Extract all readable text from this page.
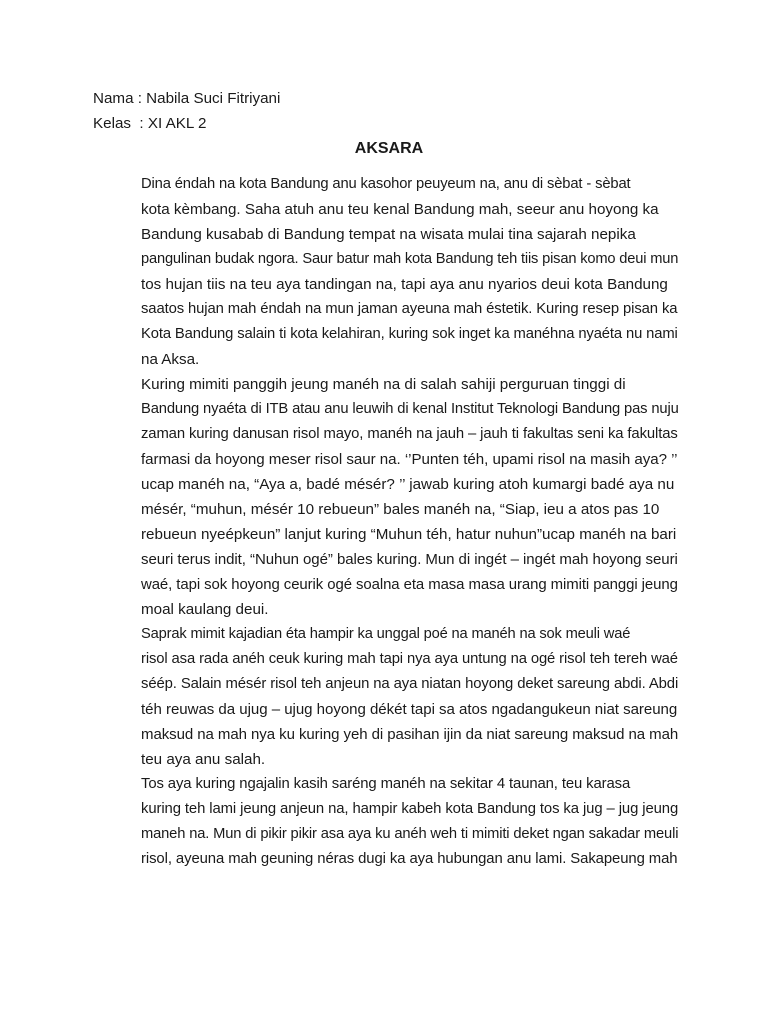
Nama : Nabila Suci Fitriyani

Kelas  : XI AKL 2

AKSARA

Dina éndah na kota Bandung anu kasohor peuyeum na, anu di sèbat - sèbat
kota kèmbang. Saha atuh anu teu kenal Bandung mah, seeur anu hoyong ka
Bandung kusabab di Bandung tempat na wisata mulai tina sajarah nepika
pangulinan budak ngora. Saur batur mah kota Bandung teh tiis pisan komo deui mun
tos hujan tiis na teu aya tandingan na, tapi aya anu nyarios deui kota Bandung
saatos hujan mah éndah na mun jaman ayeuna mah éstetik. Kuring resep pisan ka
Kota Bandung salain ti kota kelahiran, kuring sok inget ka manéhna nyaéta nu nami
na Aksa.

Kuring mimiti panggih jeung manéh na di salah sahiji perguruan tinggi di
Bandung nyaéta di ITB atau anu leuwih di kenal Institut Teknologi Bandung pas nuju
zaman kuring danusan risol mayo, manéh na jauh – jauh ti fakultas seni ka fakultas
farmasi da hoyong meser risol saur na. ‘’Punten téh, upami risol na masih aya? ’’
ucap manéh na, “Aya a, badé mésér? ’’ jawab kuring atoh kumargi badé aya nu
mésér, “muhun, mésér 10 rebueun” bales manéh na, “Siap, ieu a atos pas 10
rebueun nyeépkeun” lanjut kuring “Muhun téh, hatur nuhun”ucap manéh na bari
seuri terus indit, “Nuhun ogé” bales kuring. Mun di ingét – ingét mah hoyong seuri
waé, tapi sok hoyong ceurik ogé soalna eta masa masa urang mimiti panggi jeung
moal kaulang deui.

Saprak mimit kajadian éta hampir ka unggal poé na manéh na sok meuli waé
risol asa rada anéh ceuk kuring mah tapi nya aya untung na ogé risol teh tereh waé
séép. Salain mésér risol teh anjeun na aya niatan hoyong deket sareung abdi. Abdi
téh reuwas da ujug – ujug hoyong dékét tapi sa atos ngadangukeun niat sareung
maksud na mah nya ku kuring yeh di pasihan ijin da niat sareung maksud na mah
teu aya anu salah.

Tos aya kuring ngajalin kasih saréng manéh na sekitar 4 taunan, teu karasa
kuring teh lami jeung anjeun na, hampir kabeh kota Bandung tos ka jug – jug jeung
maneh na. Mun di pikir pikir asa aya ku anéh weh ti mimiti deket ngan sakadar meuli
risol, ayeuna mah geuning néras dugi ka aya hubungan anu lami. Sakapeung mah
